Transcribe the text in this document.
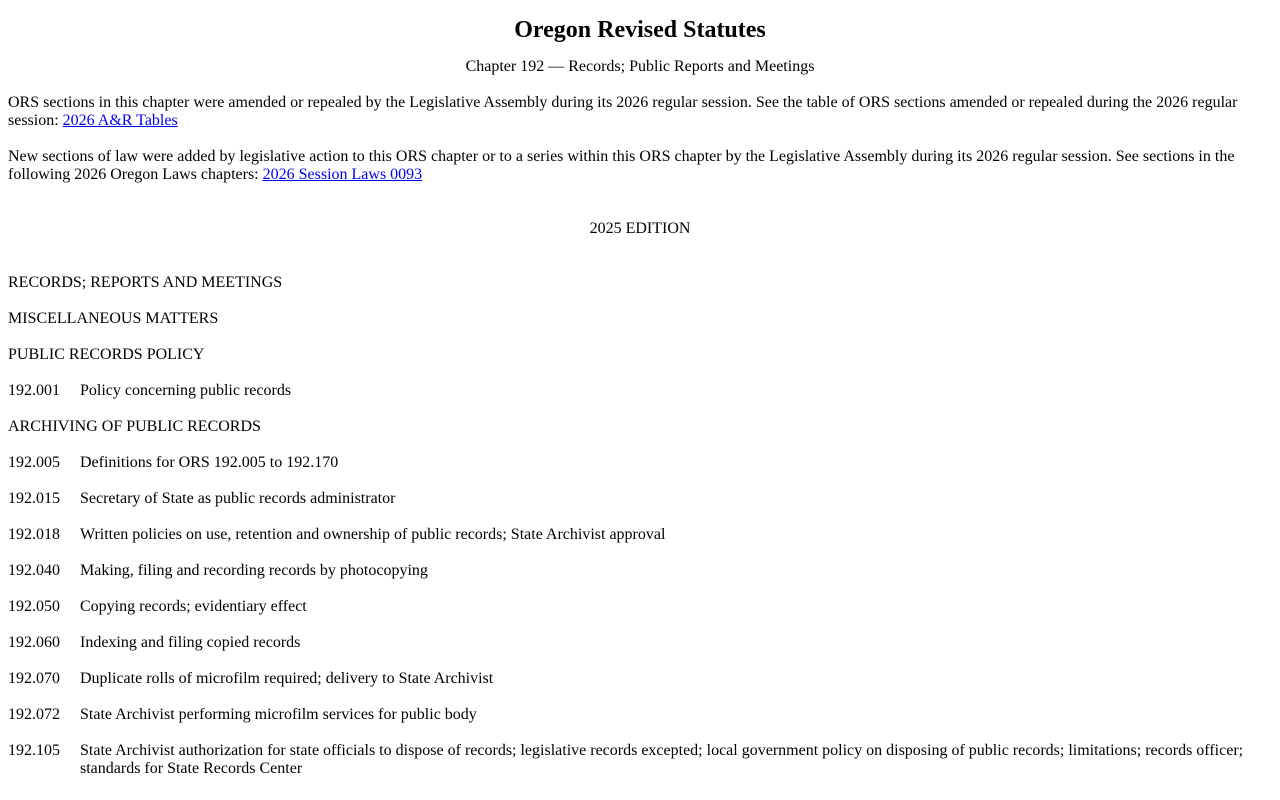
Oregon Revised Statutes
Chapter 192 — Records; Public Reports and Meetings
ORS sections in this chapter were amended or repealed by the Legislative Assembly during its 2026 regular session. See the table of ORS sections amended or repealed during the 2026 regular session: 2026 A&R Tables
New sections of law were added by legislative action to this ORS chapter or to a series within this ORS chapter by the Legislative Assembly during its 2026 regular session. See sections in the following 2026 Oregon Laws chapters: 2026 Session Laws 0093
2025 EDITION
RECORDS; REPORTS AND MEETINGS
MISCELLANEOUS MATTERS
PUBLIC RECORDS POLICY
192.001	Policy concerning public records
ARCHIVING OF PUBLIC RECORDS
192.005	Definitions for ORS 192.005 to 192.170
192.015	Secretary of State as public records administrator
192.018	Written policies on use, retention and ownership of public records; State Archivist approval
192.040	Making, filing and recording records by photocopying
192.050	Copying records; evidentiary effect
192.060	Indexing and filing copied records
192.070	Duplicate rolls of microfilm required; delivery to State Archivist
192.072	State Archivist performing microfilm services for public body
192.105	State Archivist authorization for state officials to dispose of records; legislative records excepted; local government policy on disposing of public records; limitations; records officer; standards for State Records Center
